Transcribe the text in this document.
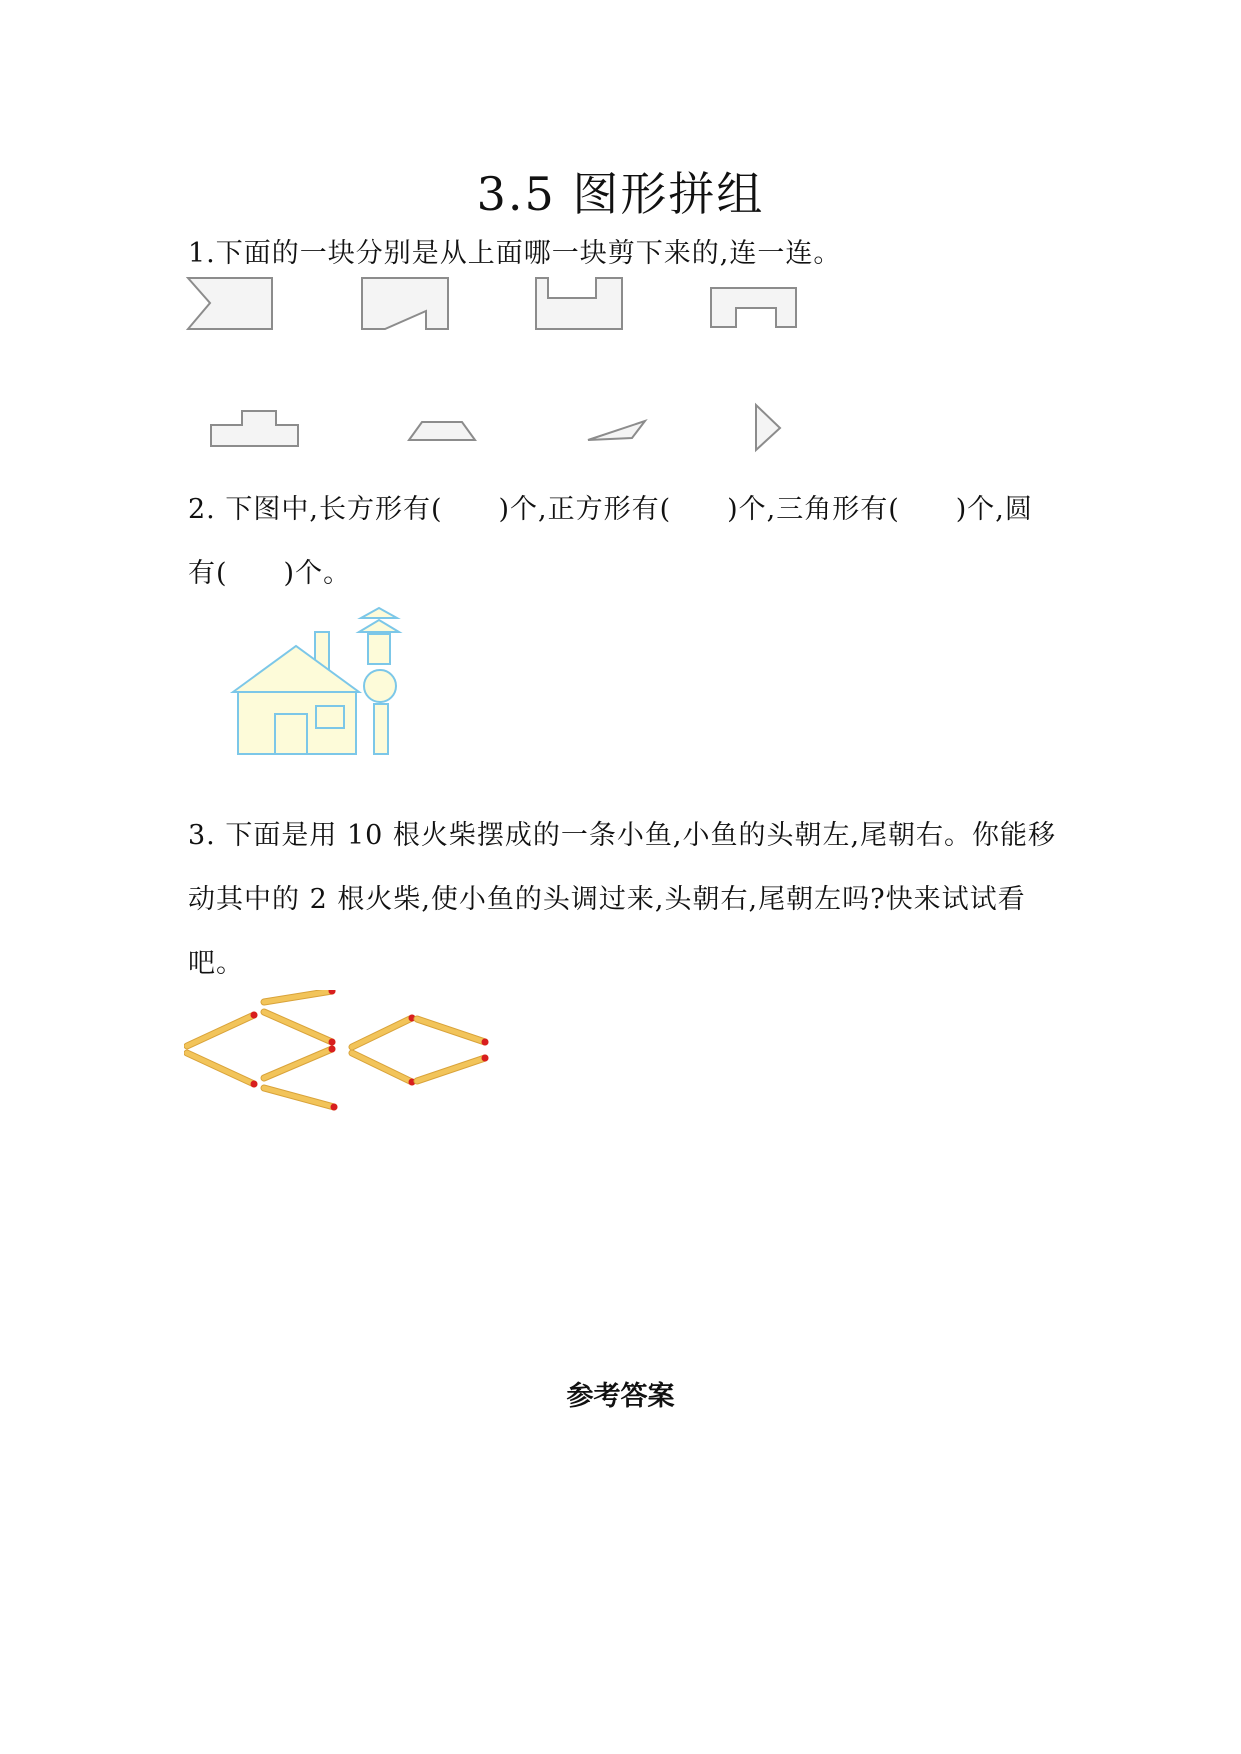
3.5 图形拼组

1.下面的一块分别是从上面哪一块剪下来的,连一连。

2. 下图中,长方形有(　　)个,正方形有(　　)个,三角形有(　　)个,圆有(　　)个。

3. 下面是用 10 根火柴摆成的一条小鱼,小鱼的头朝左,尾朝右。你能移动其中的 2 根火柴,使小鱼的头调过来,头朝右,尾朝左吗?快来试试看吧。

参考答案
